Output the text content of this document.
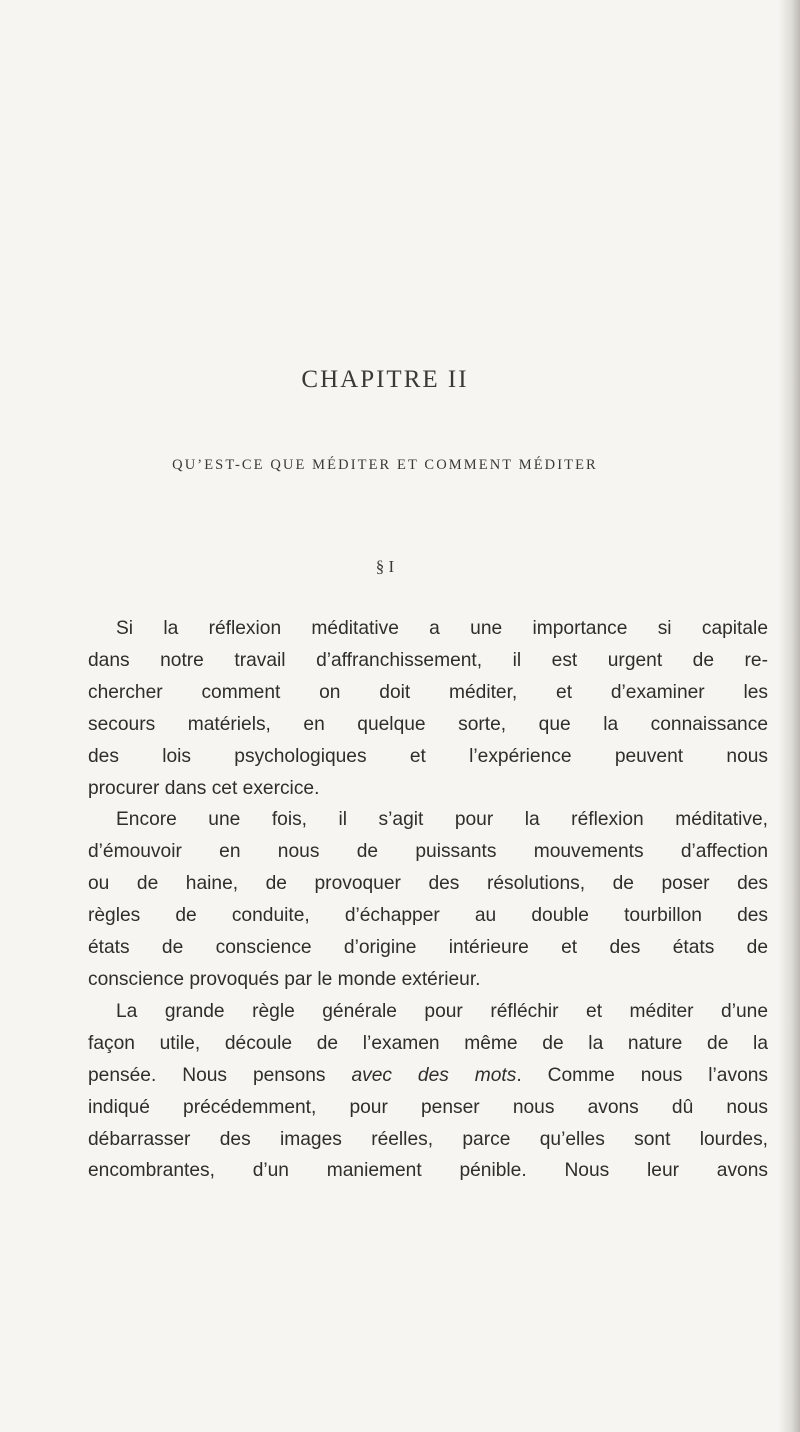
CHAPITRE II
QU’EST-CE QUE MÉDITER ET COMMENT MÉDITER
§ I

Si la réflexion méditative a une importance si capitale
dans notre travail d’affranchissement, il est urgent de re-
chercher comment on doit méditer, et d’examiner les
secours matériels, en quelque sorte, que la connaissance
des lois psychologiques et l’expérience peuvent nous
procurer dans cet exercice.

Encore une fois, il s’agit pour la réflexion méditative,
d’émouvoir en nous de puissants mouvements d’affection
ou de haine, de provoquer des résolutions, de poser des
règles de conduite, d’échapper au double tourbillon des
états de conscience d’origine intérieure et des états de
conscience provoqués par le monde extérieur.

La grande règle générale pour réfléchir et méditer d’une
façon utile, découle de l’examen même de la nature de la
pensée. Nous pensons avec des mots. Comme nous l’avons
indiqué précédemment, pour penser nous avons dû nous
débarrasser des images réelles, parce qu’elles sont lourdes,
encombrantes, d’un maniement pénible. Nous leur avons
